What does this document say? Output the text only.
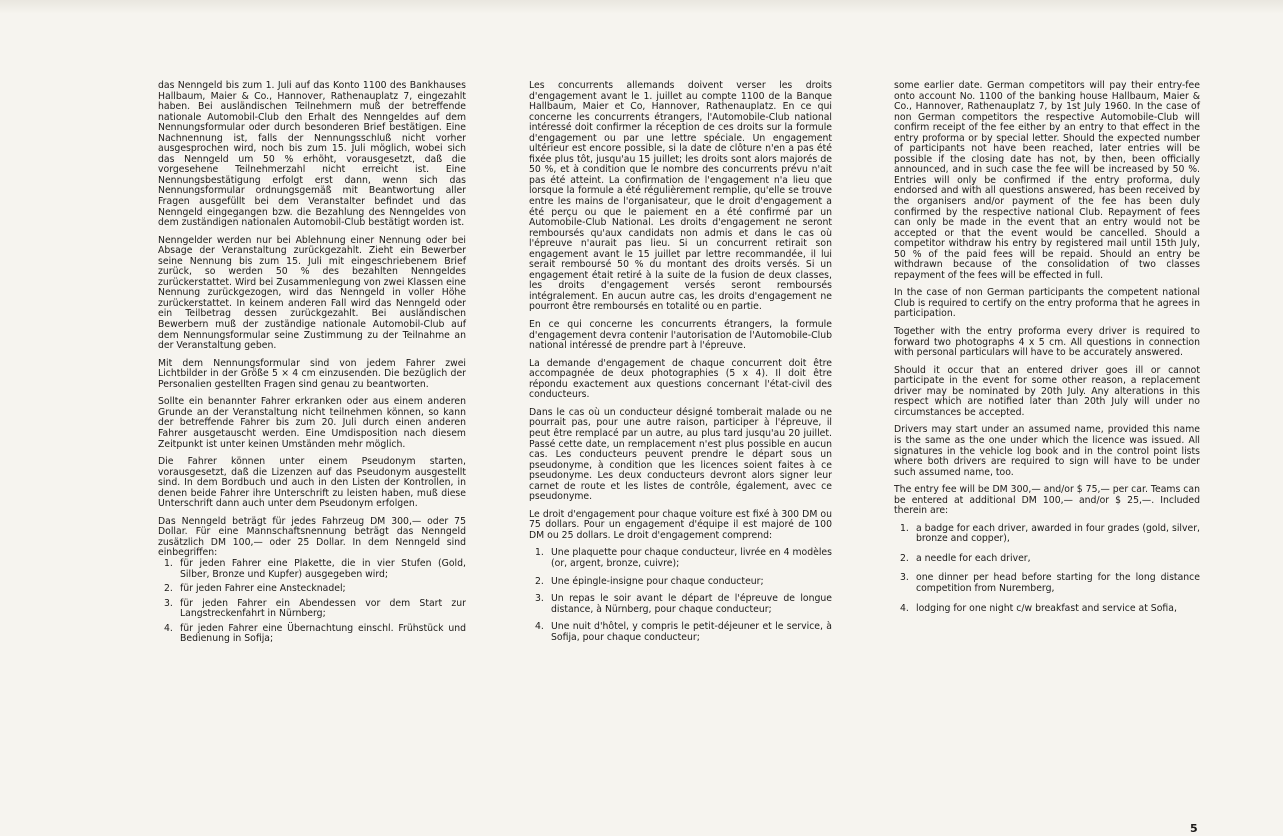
das Nenngeld bis zum 1. Juli auf das Konto 1100 des Bankhauses Hallbaum, Maier & Co., Hannover, Rathenauplatz 7, eingezahlt haben. Bei ausländischen Teilnehmern muß der betreffende nationale Automobil-Club den Erhalt des Nenngeldes auf dem Nennungsformular oder durch besonderen Brief bestätigen. Eine Nachnennung ist, falls der Nennungsschluß nicht vorher ausgesprochen wird, noch bis zum 15. Juli möglich, wobei sich das Nenngeld um 50 % erhöht, vorausgesetzt, daß die vorgesehene Teilnehmerzahl nicht erreicht ist. Eine Nennungsbestätigung erfolgt erst dann, wenn sich das Nennungsformular ordnungsgemäß mit Beantwortung aller Fragen ausgefüllt bei dem Veranstalter befindet und das Nenngeld eingegangen bzw. die Bezahlung des Nenngeldes von dem zuständigen nationalen Automobil-Club bestätigt worden ist.

Nenngelder werden nur bei Ablehnung einer Nennung oder bei Absage der Veranstaltung zurückgezahlt. Zieht ein Bewerber seine Nennung bis zum 15. Juli mit eingeschriebenem Brief zurück, so werden 50 % des bezahlten Nenngeldes zurückerstattet. Wird bei Zusammenlegung von zwei Klassen eine Nennung zurückgezogen, wird das Nenngeld in voller Höhe zurückerstattet. In keinem anderen Fall wird das Nenngeld oder ein Teilbetrag dessen zurückgezahlt. Bei ausländischen Bewerbern muß der zuständige nationale Automobil-Club auf dem Nennungsformular seine Zustimmung zu der Teilnahme an der Veranstaltung geben.

Mit dem Nennungsformular sind von jedem Fahrer zwei Lichtbilder in der Größe 5 × 4 cm einzusenden. Die bezüglich der Personalien gestellten Fragen sind genau zu beantworten.

Sollte ein benannter Fahrer erkranken oder aus einem anderen Grunde an der Veranstaltung nicht teilnehmen können, so kann der betreffende Fahrer bis zum 20. Juli durch einen anderen Fahrer ausgetauscht werden. Eine Umdisposition nach diesem Zeitpunkt ist unter keinen Umständen mehr möglich.

Die Fahrer können unter einem Pseudonym starten, vorausgesetzt, daß die Lizenzen auf das Pseudonym ausgestellt sind. In dem Bordbuch und auch in den Listen der Kontrollen, in denen beide Fahrer ihre Unterschrift zu leisten haben, muß diese Unterschrift dann auch unter dem Pseudonym erfolgen.

Das Nenngeld beträgt für jedes Fahrzeug DM 300,— oder 75 Dollar. Für eine Mannschaftsnennung beträgt das Nenngeld zusätzlich DM 100,— oder 25 Dollar. In dem Nenngeld sind einbegriffen:

1. für jeden Fahrer eine Plakette, die in vier Stufen (Gold, Silber, Bronze und Kupfer) ausgegeben wird;
2. für jeden Fahrer eine Anstecknadel;
3. für jeden Fahrer ein Abendessen vor dem Start zur Langstreckenfahrt in Nürnberg;
4. für jeden Fahrer eine Übernachtung einschl. Frühstück und Bedienung in Sofija;

Les concurrents allemands doivent verser les droits d'engagement avant le 1. juillet au compte 1100 de la Banque Hallbaum, Maier et Co, Hannover, Rathenauplatz. En ce qui concerne les concurrents étrangers, l'Automobile-Club national intéressé doit confirmer la réception de ces droits sur la formule d'engagement ou par une lettre spéciale. Un engagement ultérieur est encore possible, si la date de clôture n'en a pas été fixée plus tôt, jusqu'au 15 juillet; les droits sont alors majorés de 50 %, et à condition que le nombre des concurrents prévu n'ait pas été atteint. La confirmation de l'engagement n'a lieu que lorsque la formule a été régulièrement remplie, qu'elle se trouve entre les mains de l'organisateur, que le droit d'engagement a été perçu ou que le paiement en a été confirmé par un Automobile-Club National. Les droits d'engagement ne seront remboursés qu'aux candidats non admis et dans le cas où l'épreuve n'aurait pas lieu. Si un concurrent retirait son engagement avant le 15 juillet par lettre recommandée, il lui serait remboursé 50 % du montant des droits versés. Si un engagement était retiré à la suite de la fusion de deux classes, les droits d'engagement versés seront remboursés intégralement. En aucun autre cas, les droits d'engagement ne pourront être remboursés en totalité ou en partie.

En ce qui concerne les concurrents étrangers, la formule d'engagement devra contenir l'autorisation de l'Automobile-Club national intéressé de prendre part à l'épreuve.

La demande d'engagement de chaque concurrent doit être accompagnée de deux photographies (5 x 4). Il doit être répondu exactement aux questions concernant l'état-civil des conducteurs.

Dans le cas où un conducteur désigné tomberait malade ou ne pourrait pas, pour une autre raison, participer à l'épreuve, il peut être remplacé par un autre, au plus tard jusqu'au 20 juillet. Passé cette date, un remplacement n'est plus possible en aucun cas. Les conducteurs peuvent prendre le départ sous un pseudonyme, à condition que les licences soient faites à ce pseudonyme. Les deux conducteurs devront alors signer leur carnet de route et les listes de contrôle, également, avec ce pseudonyme.

Le droit d'engagement pour chaque voiture est fixé à 300 DM ou 75 dollars. Pour un engagement d'équipe il est majoré de 100 DM ou 25 dollars. Le droit d'engagement comprend:

1. Une plaquette pour chaque conducteur, livrée en 4 modèles (or, argent, bronze, cuivre);
2. Une épingle-insigne pour chaque conducteur;
3. Un repas le soir avant le départ de l'épreuve de longue distance, à Nürnberg, pour chaque conducteur;
4. Une nuit d'hôtel, y compris le petit-déjeuner et le service, à Sofija, pour chaque conducteur;

some earlier date. German competitors will pay their entry-fee onto account No. 1100 of the banking house Hallbaum, Maier & Co., Hannover, Rathenauplatz 7, by 1st July 1960. In the case of non German competitors the respective Automobile-Club will confirm receipt of the fee either by an entry to that effect in the entry proforma or by special letter. Should the expected number of participants not have been reached, later entries will be possible if the closing date has not, by then, been officially announced, and in such case the fee will be increased by 50 %. Entries will only be confirmed if the entry proforma, duly endorsed and with all questions answered, has been received by the organisers and/or payment of the fee has been duly confirmed by the respective national Club. Repayment of fees can only be made in the event that an entry would not be accepted or that the event would be cancelled. Should a competitor withdraw his entry by registered mail until 15th July, 50 % of the paid fees will be repaid. Should an entry be withdrawn because of the consolidation of two classes repayment of the fees will be effected in full.

In the case of non German participants the competent national Club is required to certify on the entry proforma that he agrees in participation.

Together with the entry proforma every driver is required to forward two photographs 4 x 5 cm. All questions in connection with personal particulars will have to be accurately answered.

Should it occur that an entered driver goes ill or cannot participate in the event for some other reason, a replacement driver may be nominated by 20th July. Any alterations in this respect which are notified later than 20th July will under no circumstances be accepted.

Drivers may start under an assumed name, provided this name is the same as the one under which the licence was issued. All signatures in the vehicle log book and in the control point lists where both drivers are required to sign will have to be under such assumed name, too.

The entry fee will be DM 300,— and/or $ 75,— per car. Teams can be entered at additional DM 100,— and/or $ 25,—. Included therein are:

1. a badge for each driver, awarded in four grades (gold, silver, bronze and copper),
2. a needle for each driver,
3. one dinner per head before starting for the long distance competition from Nuremberg,
4. lodging for one night c/w breakfast and service at Sofia,
5
